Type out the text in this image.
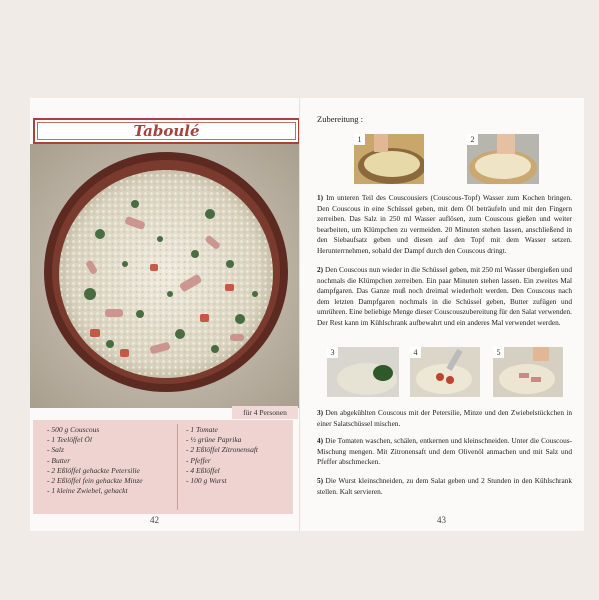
Taboulé
für 4 Personen
- 500 g Couscous
- 1 Teelöffel Öl
- Salz
- Butter
- 2 Eßlöffel gehackte Petersilie
- 2 Eßlöffel fein gehackte Minze
- 1 kleine Zwiebel, gehackt
- 1 Tomate
- ½ grüne Paprika
- 2 Eßlöffel Zitronensaft
- Pfeffer
- 4 Eßlöffel
- 100 g Wurst
42
Zubereitung :
1	2

1) Im unteren Teil des Couscousiers (Couscous-Topf) Wasser zum Kochen bringen. Den Couscous in eine Schüssel geben, mit dem Öl beträufeln und mit den Fingern zerreiben. Das Salz in 250 ml Wasser auflösen, zum Couscous gießen und weiter bearbeiten, um Klümpchen zu vermeiden. 20 Minuten stehen lassen, anschließend in den Siebaufsatz geben und diesen auf den Topf mit dem Wasser setzen. Herunterrnehmen, sobald der Dampf durch den Couscous dringt.

2) Den Couscous nun wieder in die Schüssel geben, mit 250 ml Wasser übergießen und nochmals die Klümpchen zerreiben. Ein paar Minuten stehen lassen. Ein zweites Mal dampfgaren. Das Ganze muß noch dreimal wiederholt werden. Den Couscous nach dem letzten Dampfgaren nochmals in die Schüssel geben, Butter zufügen und umrühren. Eine beliebige Menge dieser Couscouszubereitung für den Salat verwenden. Der Rest kann im Kühlschrank aufbewahrt und ein anderes Mal verwendet werden.

3	4	5

3) Den abgekühlten Couscous mit der Petersilie, Minze und den Zwiebelstückchen in einer Salatschüssel mischen.

4) Die Tomaten waschen, schälen, entkernen und kleinschneiden. Unter die Couscous-Mischung mengen. Mit Zitronensaft und dem Olivenöl anmachen und mit Salz und Pfeffer abschmecken.

5) Die Wurst kleinschneiden, zu dem Salat geben und 2 Stunden in den Kühlschrank stellen. Kalt servieren.

43
